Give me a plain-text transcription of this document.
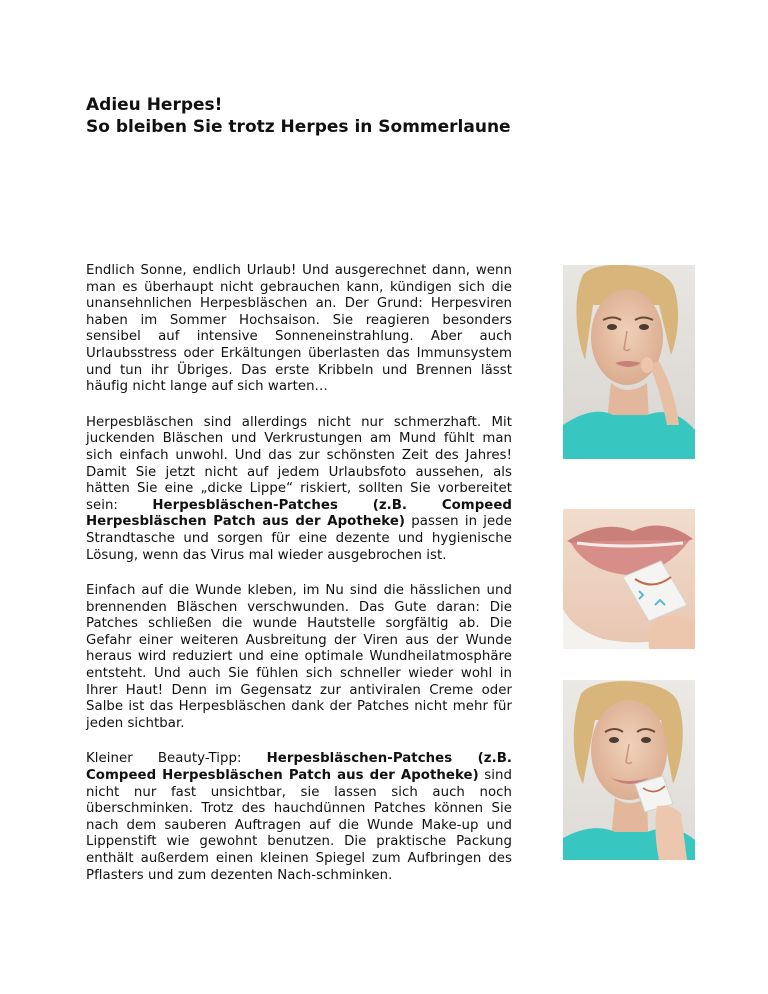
Adieu Herpes!
So bleiben Sie trotz Herpes in Sommerlaune

Endlich Sonne, endlich Urlaub! Und ausgerechnet dann, wenn man es überhaupt nicht gebrauchen kann, kündigen sich die unansehnlichen Herpesbläschen an. Der Grund: Herpesviren haben im Sommer Hochsaison. Sie reagieren besonders sensibel auf intensive Sonneneinstrahlung. Aber auch Urlaubsstress oder Erkältungen überlasten das Immunsystem und tun ihr Übriges. Das erste Kribbeln und Brennen lässt häufig nicht lange auf sich warten…

Herpesbläschen sind allerdings nicht nur schmerzhaft. Mit juckenden Bläschen und Verkrustungen am Mund fühlt man sich einfach unwohl. Und das zur schönsten Zeit des Jahres! Damit Sie jetzt nicht auf jedem Urlaubsfoto aussehen, als hätten Sie eine „dicke Lippe“ riskiert, sollten Sie vorbereitet sein: Herpesbläschen-Patches (z.B. Compeed Herpesbläschen Patch aus der Apotheke) passen in jede Strandtasche und sorgen für eine dezente und hygienische Lösung, wenn das Virus mal wieder ausgebrochen ist.

Einfach auf die Wunde kleben, im Nu sind die hässlichen und brennenden Bläschen verschwunden. Das Gute daran: Die Patches schließen die wunde Hautstelle sorgfältig ab. Die Gefahr einer weiteren Ausbreitung der Viren aus der Wunde heraus wird reduziert und eine optimale Wundheilatmosphäre entsteht. Und auch Sie fühlen sich schneller wieder wohl in Ihrer Haut! Denn im Gegensatz zur antiviralen Creme oder Salbe ist das Herpesbläschen dank der Patches nicht mehr für jeden sichtbar.

Kleiner Beauty-Tipp: Herpesbläschen-Patches (z.B. Compeed Herpesbläschen Patch aus der Apotheke) sind nicht nur fast unsichtbar, sie lassen sich auch noch überschminken. Trotz des hauchdünnen Patches können Sie nach dem sauberen Auftragen auf die Wunde Make-up und Lippenstift wie gewohnt benutzen. Die praktische Packung enthält außerdem einen kleinen Spiegel zum Aufbringen des Pflasters und zum dezenten Nach-schminken.
